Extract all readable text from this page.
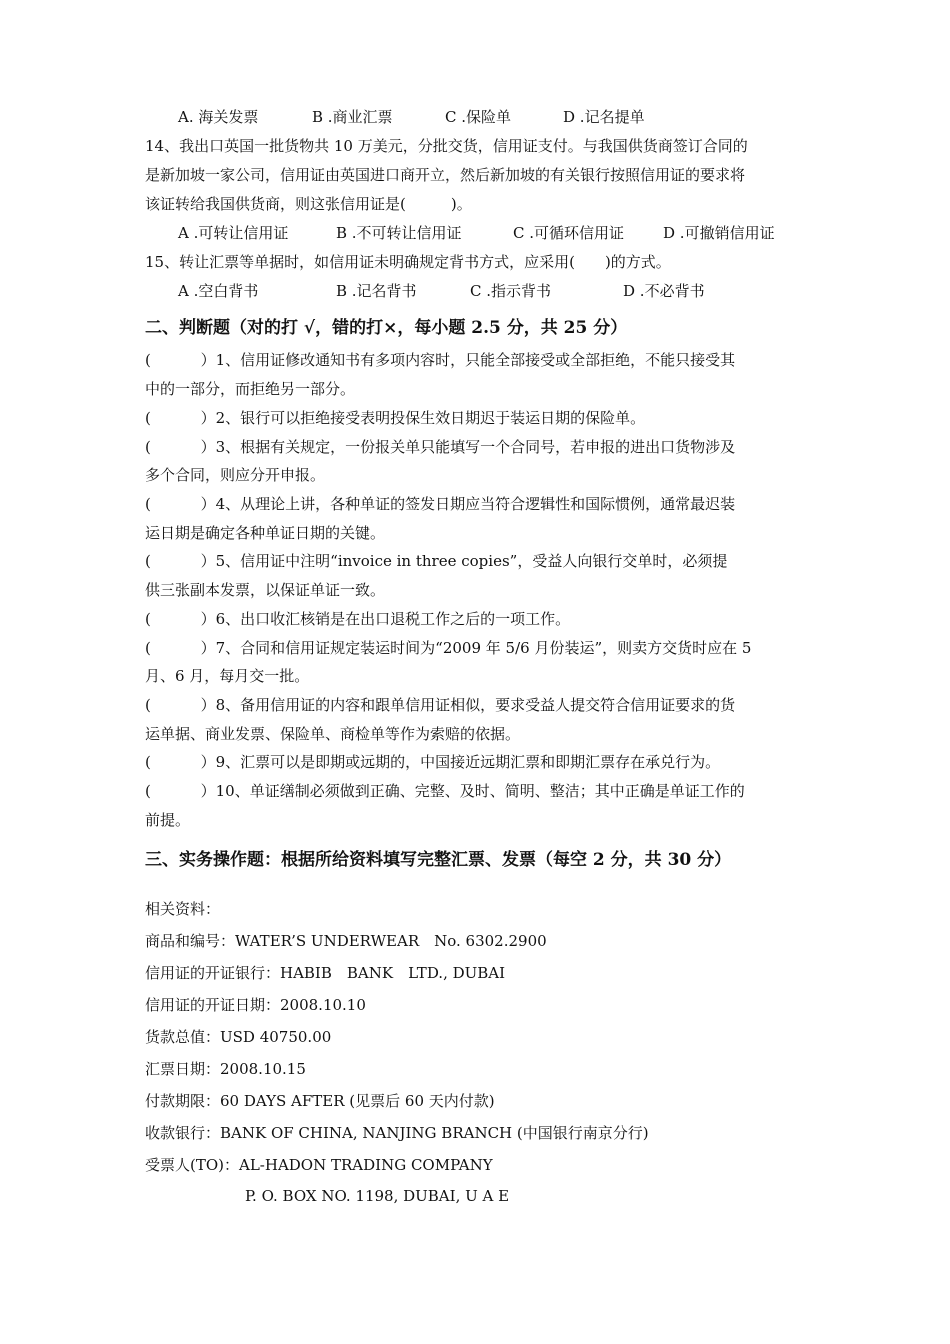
A. 海关发票	B .商业汇票	C .保险单	D .记名提单
14、我出口英国一批货物共 10 万美元，分批交货，信用证支付。与我国供货商签订合同的
是新加坡一家公司，信用证由英国进口商开立，然后新加坡的有关银行按照信用证的要求将
该证转给我国供货商，则这张信用证是(　　　)。
A .可转让信用证	B .不可转让信用证	C .可循环信用证	D .可撤销信用证
15、转让汇票等单据时，如信用证未明确规定背书方式，应采用(　　)的方式。
A .空白背书	B .记名背书	C .指示背书	D .不必背书
二、判断题（对的打 √，错的打×，每小题 2.5 分，共 25 分）
(　　　 ）1、信用证修改通知书有多项内容时，只能全部接受或全部拒绝，不能只接受其
中的一部分，而拒绝另一部分。
(　　　 ）2、银行可以拒绝接受表明投保生效日期迟于装运日期的保险单。
(　　　 ）3、根据有关规定，一份报关单只能填写一个合同号，若申报的进出口货物涉及
多个合同，则应分开申报。
(　　　 ）4、从理论上讲，各种单证的签发日期应当符合逻辑性和国际惯例，通常最迟装
运日期是确定各种单证日期的关键。
(　　　 ）5、信用证中注明“invoice in three copies”，受益人向银行交单时，必须提
供三张副本发票，以保证单证一致。
(　　　 ）6、出口收汇核销是在出口退税工作之后的一项工作。
(　　　 ）7、合同和信用证规定装运时间为“2009 年 5/6 月份装运”，则卖方交货时应在 5
月、6 月，每月交一批。
(　　　 ）8、备用信用证的内容和跟单信用证相似，要求受益人提交符合信用证要求的货
运单据、商业发票、保险单、商检单等作为索赔的依据。
(　　　 ）9、汇票可以是即期或远期的，中国接近远期汇票和即期汇票存在承兑行为。
(　　　 ）10、单证缮制必须做到正确、完整、及时、简明、整洁；其中正确是单证工作的
前提。
三、实务操作题：根据所给资料填写完整汇票、发票（每空 2 分，共 30 分）
相关资料：
商品和编号：WATER’S UNDERWEAR　No. 6302.2900
信用证的开证银行：HABIB　BANK　LTD., DUBAI
信用证的开证日期：2008.10.10
货款总值：USD 40750.00
汇票日期：2008.10.15
付款期限：60 DAYS AFTER (见票后 60 天内付款)
收款银行：BANK OF CHINA, NANJING BRANCH (中国银行南京分行)
受票人(TO)：AL-HADON TRADING COMPANY
P. O. BOX NO. 1198, DUBAI, U A E
